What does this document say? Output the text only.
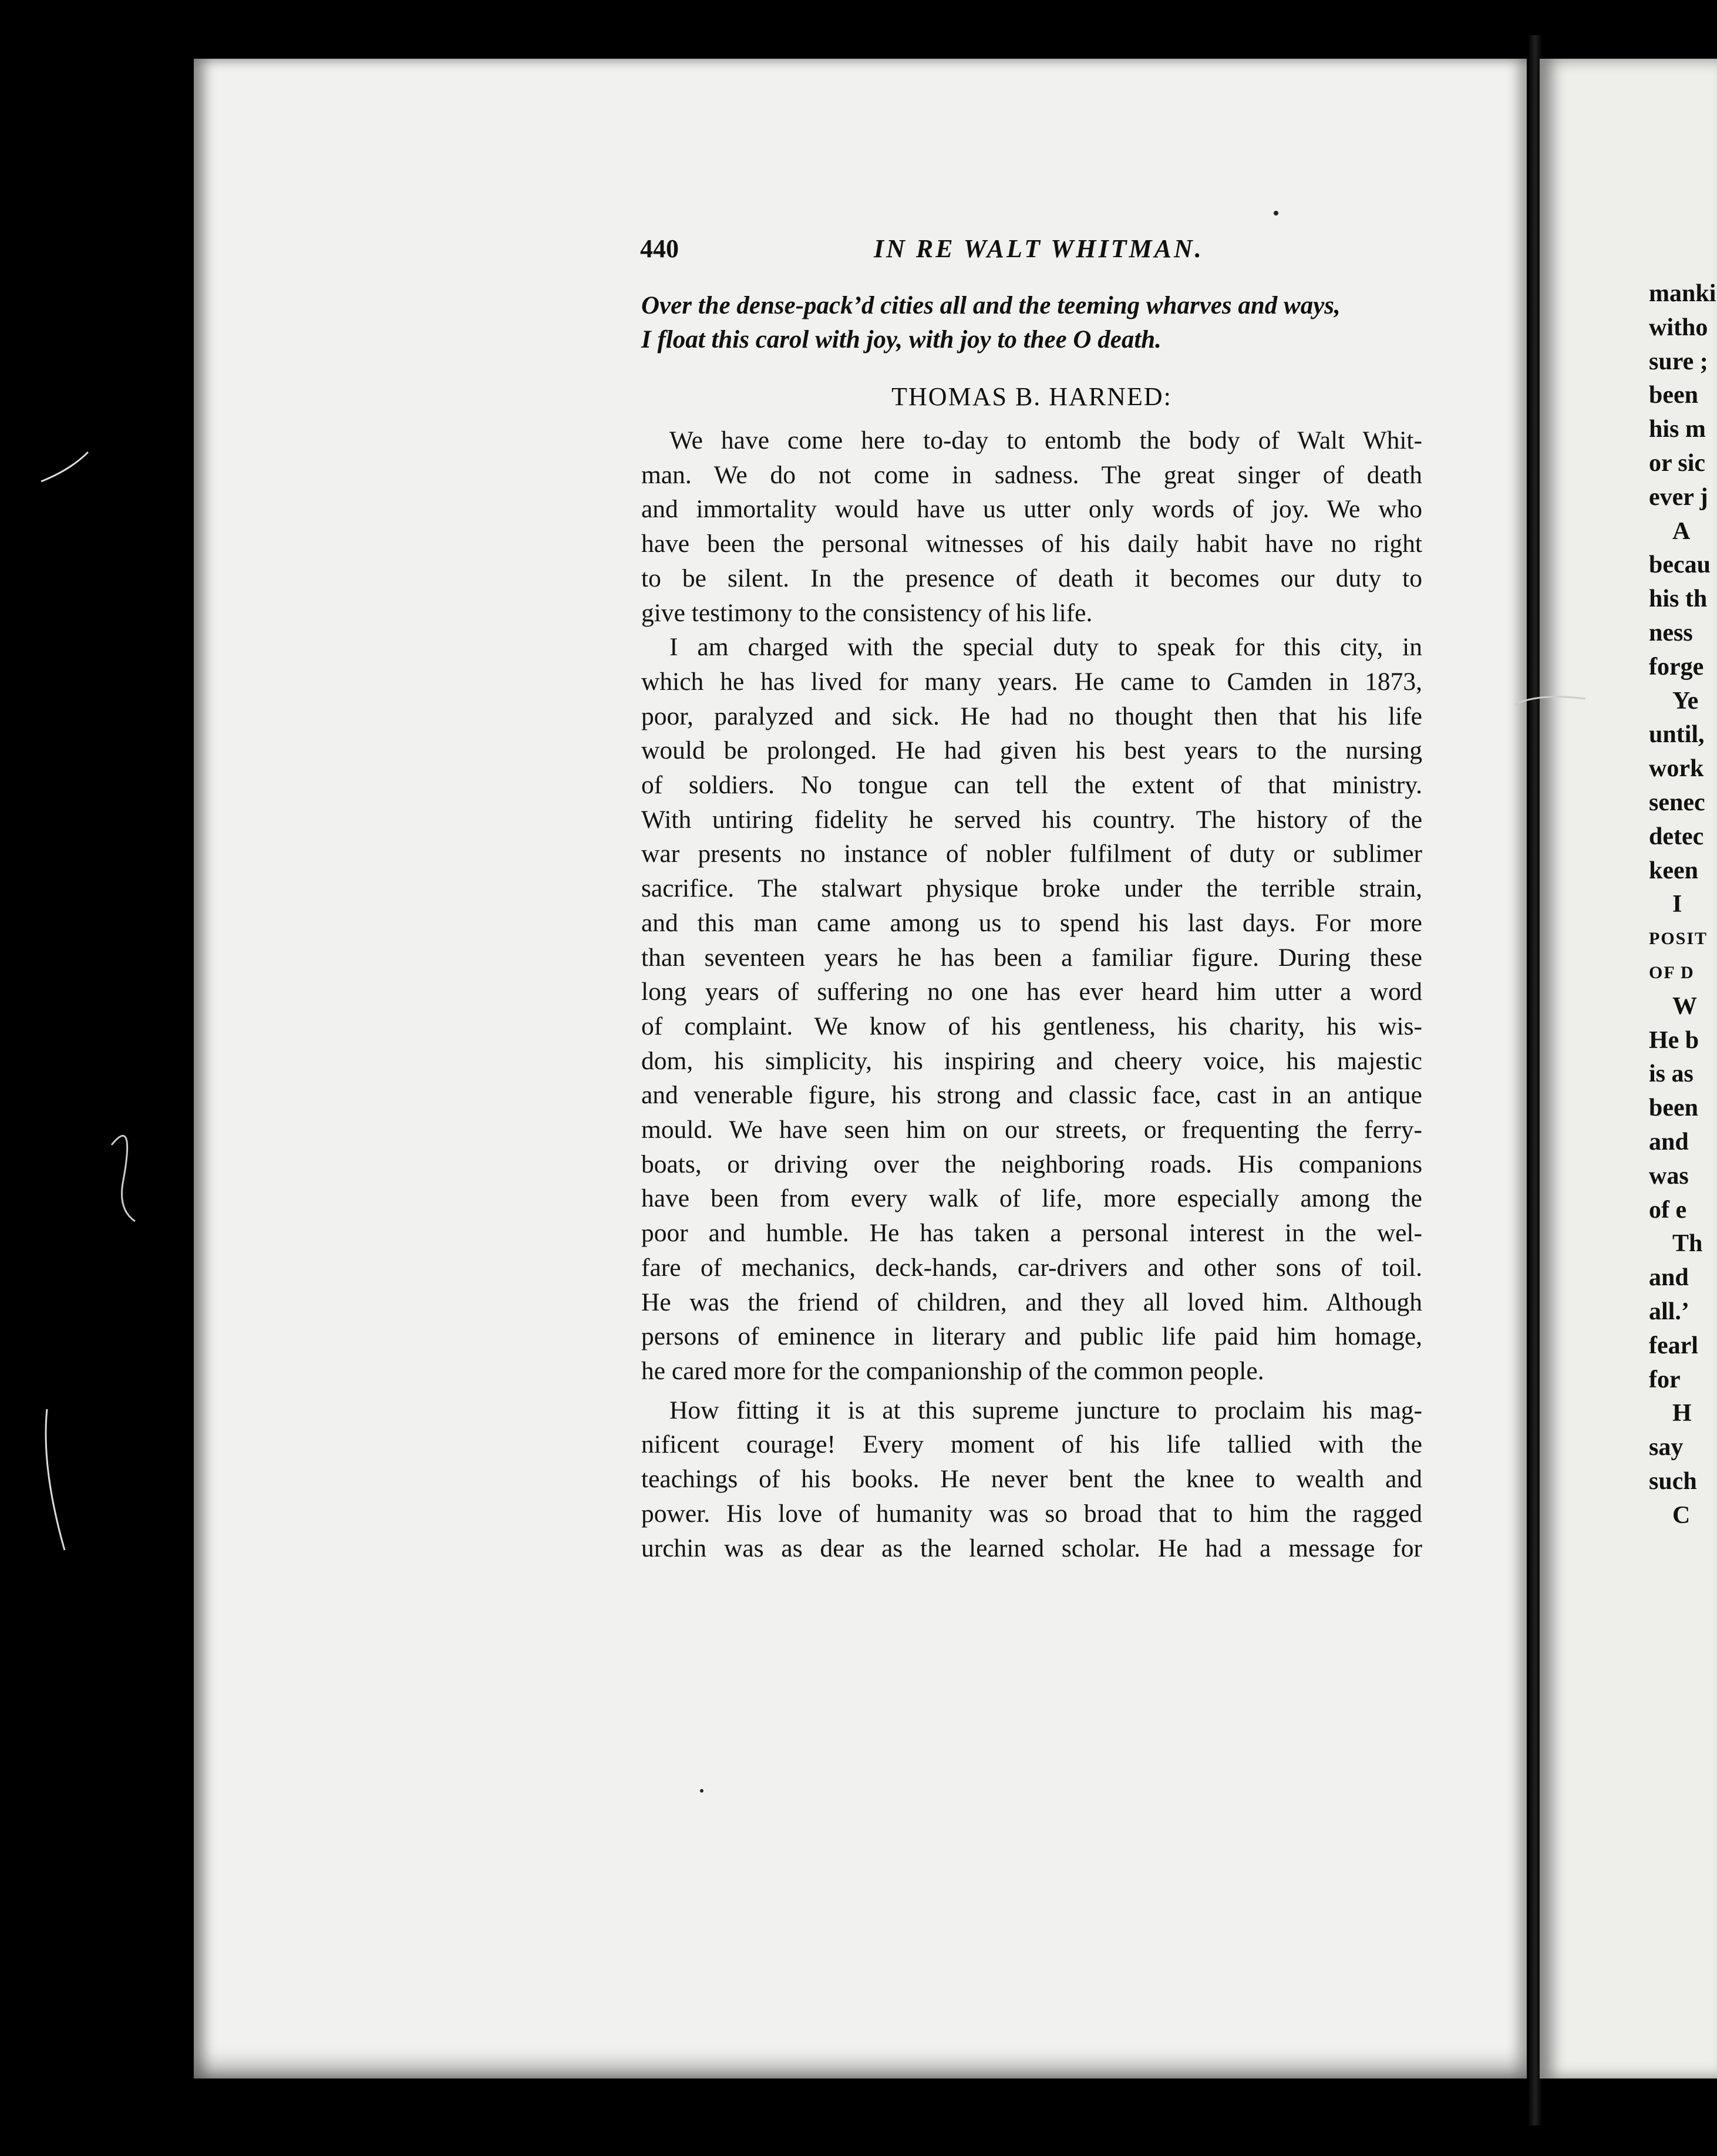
440	IN RE WALT WHITMAN.
Over the dense-pack’d cities all and the teeming wharves and ways,
I float this carol with joy, with joy to thee O death.
THOMAS B. HARNED:
We have come here to-day to entomb the body of Walt Whit-
man. We do not come in sadness. The great singer of death
and immortality would have us utter only words of joy. We who
have been the personal witnesses of his daily habit have no right
to be silent. In the presence of death it becomes our duty to
give testimony to the consistency of his life.
I am charged with the special duty to speak for this city, in
which he has lived for many years. He came to Camden in 1873,
poor, paralyzed and sick. He had no thought then that his life
would be prolonged. He had given his best years to the nursing
of soldiers. No tongue can tell the extent of that ministry.
With untiring fidelity he served his country. The history of the
war presents no instance of nobler fulfilment of duty or sublimer
sacrifice. The stalwart physique broke under the terrible strain,
and this man came among us to spend his last days. For more
than seventeen years he has been a familiar figure. During these
long years of suffering no one has ever heard him utter a word
of complaint. We know of his gentleness, his charity, his wis-
dom, his simplicity, his inspiring and cheery voice, his majestic
and venerable figure, his strong and classic face, cast in an antique
mould. We have seen him on our streets, or frequenting the ferry-
boats, or driving over the neighboring roads. His companions
have been from every walk of life, more especially among the
poor and humble. He has taken a personal interest in the wel-
fare of mechanics, deck-hands, car-drivers and other sons of toil.
He was the friend of children, and they all loved him. Although
persons of eminence in literary and public life paid him homage,
he cared more for the companionship of the common people.
How fitting it is at this supreme juncture to proclaim his mag-
nificent courage! Every moment of his life tallied with the
teachings of his books. He never bent the knee to wealth and
power. His love of humanity was so broad that to him the ragged
urchin was as dear as the learned scholar. He had a message for
manki
witho
sure ;
been
his m
or sic
ever j
A
becau
his th
ness
forge
Ye
until,
work
senec
detec
keen
I
POSIT
OF D
W
He b
is as
been
and
was
of e
Th
and
all.’
fearl
for
H
say
such
C
